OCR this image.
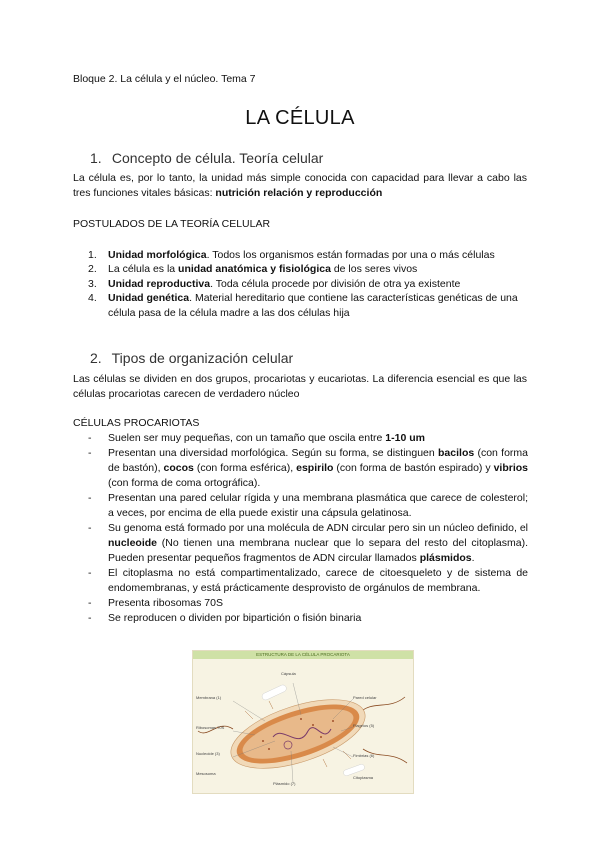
Bloque 2. La célula y el núcleo. Tema 7
LA CÉLULA
1. Concepto de célula. Teoría celular
La célula es, por lo tanto, la unidad más simple conocida con capacidad para llevar a cabo las tres funciones vitales básicas: nutrición relación y reproducción
POSTULADOS DE LA TEORÍA CELULAR
1. Unidad morfológica. Todos los organismos están formadas por una o más células
2. La célula es la unidad anatómica y fisiológica de los seres vivos
3. Unidad reproductiva. Toda célula procede por división de otra ya existente
4. Unidad genética. Material hereditario que contiene las características genéticas de una célula pasa de la célula madre a las dos células hija
2. Tipos de organización celular
Las células se dividen en dos grupos, procariotas y eucariotas. La diferencia esencial es que las células procariotas carecen de verdadero núcleo
CÉLULAS PROCARIOTAS
- Suelen ser muy pequeñas, con un tamaño que oscila entre 1-10 um
- Presentan una diversidad morfológica. Según su forma, se distinguen bacilos (con forma de bastón), cocos (con forma esférica), espirilo (con forma de bastón espirado) y vibrios (con forma de coma ortográfica).
- Presentan una pared celular rígida y una membrana plasmática que carece de colesterol; a veces, por encima de ella puede existir una cápsula gelatinosa.
- Su genoma está formado por una molécula de ADN circular pero sin un núcleo definido, el nucleoide (No tienen una membrana nuclear que lo separa del resto del citoplasma). Pueden presentar pequeños fragmentos de ADN circular llamados plásmidos.
- El citoplasma no está compartimentalizado, carece de citoesqueleto y de sistema de endomembranas, y está prácticamente desprovisto de orgánulos de membrana.
- Presenta ribosomas 70S
- Se reproducen o dividen por bipartición o fisión binaria
ESTRUCTURA DE LA CÉLULA PROCARIOTA
Membrana (1)
Ribosomas 70S
Nucleoide (3)
Pared celular
Flagelos (5)
Fimbrias (6)
Plásmido (7)
Cápsula
Mesosoma
Citoplasma
